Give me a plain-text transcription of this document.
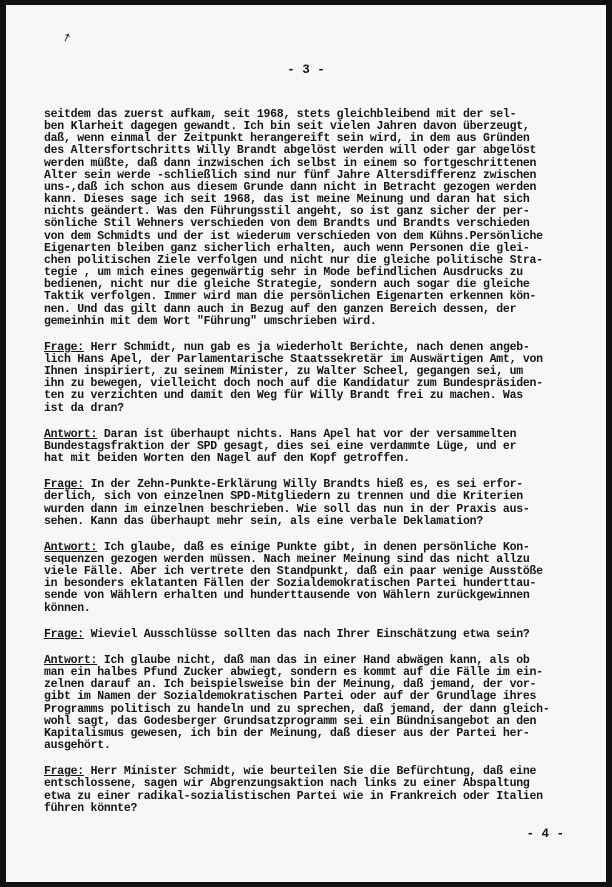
↗
- 3 -

seitdem das zuerst aufkam, seit 1968, stets gleichbleibend mit der sel-
ben Klarheit dagegen gewandt. Ich bin seit vielen Jahren davon überzeugt,
daß, wenn einmal der Zeitpunkt herangereift sein wird, in dem aus Gründen
des Altersfortschritts Willy Brandt abgelöst werden will oder gar abgelöst
werden müßte, daß dann inzwischen ich selbst in einem so fortgeschrittenen
Alter sein werde -schließlich sind nur fünf Jahre Altersdifferenz zwischen
uns-,daß ich schon aus diesem Grunde dann nicht in Betracht gezogen werden
kann. Dieses sage ich seit 1968, das ist meine Meinung und daran hat sich
nichts geändert. Was den Führungsstil angeht, so ist ganz sicher der per-
sönliche Stil Wehners verschieden von dem Brandts und Brandts verschieden
von dem Schmidts und der ist wiederum verschieden von dem Kühns.Persönliche
Eigenarten bleiben ganz sicherlich erhalten, auch wenn Personen die glei-
chen politischen Ziele verfolgen und nicht nur die gleiche politische Stra-
tegie , um mich eines gegenwärtig sehr in Mode befindlichen Ausdrucks zu
bedienen, nicht nur die gleiche Strategie, sondern auch sogar die gleiche
Taktik verfolgen. Immer wird man die persönlichen Eigenarten erkennen kön-
nen. Und das gilt dann auch in Bezug auf den ganzen Bereich dessen, der
gemeinhin mit dem Wort "Führung" umschrieben wird.

Frage: Herr Schmidt, nun gab es ja wiederholt Berichte, nach denen angeb-
lich Hans Apel, der Parlamentarische Staatssekretär im Auswärtigen Amt, von
Ihnen inspiriert, zu seinem Minister, zu Walter Scheel, gegangen sei, um
ihn zu bewegen, vielleicht doch noch auf die Kandidatur zum Bundespräsiden-
ten zu verzichten und damit den Weg für Willy Brandt frei zu machen. Was
ist da dran?

Antwort: Daran ist überhaupt nichts. Hans Apel hat vor der versammelten
Bundestagsfraktion der SPD gesagt, dies sei eine verdammte Lüge, und er
hat mit beiden Worten den Nagel auf den Kopf getroffen.

Frage: In der Zehn-Punkte-Erklärung Willy Brandts hieß es, es sei erfor-
derlich, sich von einzelnen SPD-Mitgliedern zu trennen und die Kriterien
wurden dann im einzelnen beschrieben. Wie soll das nun in der Praxis aus-
sehen. Kann das überhaupt mehr sein, als eine verbale Deklamation?

Antwort: Ich glaube, daß es einige Punkte gibt, in denen persönliche Kon-
sequenzen gezogen werden müssen. Nach meiner Meinung sind das nicht allzu
viele Fälle. Aber ich vertrete den Standpunkt, daß ein paar wenige Ausstöße
in besonders eklatanten Fällen der Sozialdemokratischen Partei hunderttau-
sende von Wählern erhalten und hunderttausende von Wählern zurückgewinnen
können.

Frage: Wieviel Ausschlüsse sollten das nach Ihrer Einschätzung etwa sein?

Antwort: Ich glaube nicht, daß man das in einer Hand abwägen kann, als ob
man ein halbes Pfund Zucker abwiegt, sondern es kommt auf die Fälle im ein-
zelnen darauf an. Ich beispielsweise bin der Meinung, daß jemand, der vor-
gibt im Namen der Sozialdemokratischen Partei oder auf der Grundlage ihres
Programms politisch zu handeln und zu sprechen, daß jemand, der dann gleich-
wohl sagt, das Godesberger Grundsatzprogramm sei ein Bündnisangebot an den
Kapitalismus gewesen, ich bin der Meinung, daß dieser aus der Partei her-
ausgehört.

Frage: Herr Minister Schmidt, wie beurteilen Sie die Befürchtung, daß eine
entschlossene, sagen wir Abgrenzungsaktion nach links zu einer Abspaltung
etwa zu einer radikal-sozialistischen Partei wie in Frankreich oder Italien
führen könnte?

- 4 -
